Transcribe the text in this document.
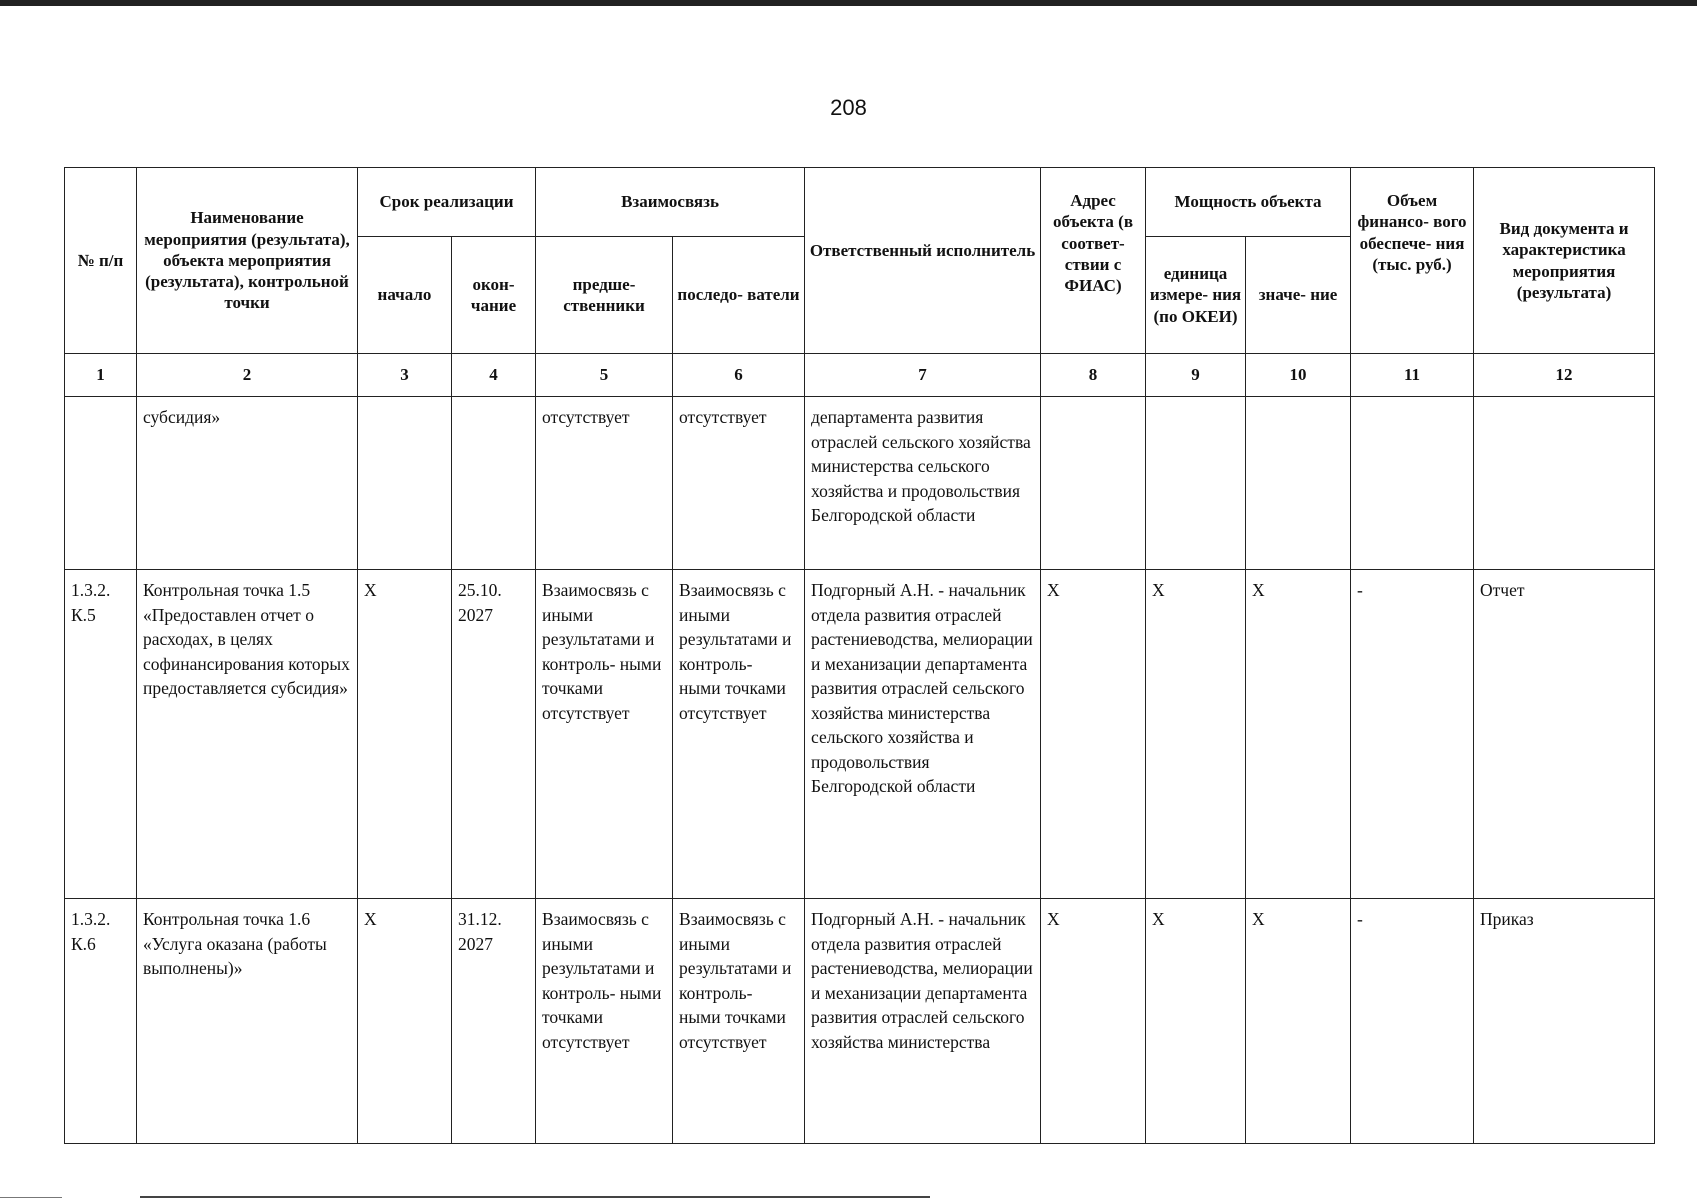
208
№ п/п	Наименование мероприятия (результата), объекта мероприятия (результата), контрольной точки	Срок реализации		Взаимосвязь		Ответственный исполнитель	Адрес объекта (в соответ- ствии с ФИАС)	Мощность объекта		Объем финансо- вого обеспече- ния (тыс. руб.)	Вид документа и характеристика мероприятия (результата)
		начало	окон- чание	предше- ственники	последо- ватели			единица измере- ния (по ОКЕИ)	значе- ние		
1	2	3	4	5	6	7	8	9	10	11	12
	субсидия»			отсутствует	отсутствует	департамента развития отраслей сельского хозяйства министерства сельского хозяйства и продовольствия Белгородской области					
1.3.2. К.5	Контрольная точка 1.5 «Предоставлен отчет о расходах, в целях софинансирования которых предоставляется субсидия»	X	25.10. 2027	Взаимосвязь с иными результатами и контроль- ными точками отсутствует	Взаимосвязь с иными результатами и контроль- ными точками отсутствует	Подгорный А.Н. - начальник отдела развития отраслей растениеводства, мелиорации и механизации департамента развития отраслей сельского хозяйства министерства сельского хозяйства и продовольствия Белгородской области	X	X	X	-	Отчет
1.3.2. К.6	Контрольная точка 1.6 «Услуга оказана (работы выполнены)»	X	31.12. 2027	Взаимосвязь с иными результатами и контроль- ными точками отсутствует	Взаимосвязь с иными результатами и контроль- ными точками отсутствует	Подгорный А.Н. - начальник отдела развития отраслей растениеводства, мелиорации и механизации департамента развития отраслей сельского хозяйства министерства	X	X	X	-	Приказ
